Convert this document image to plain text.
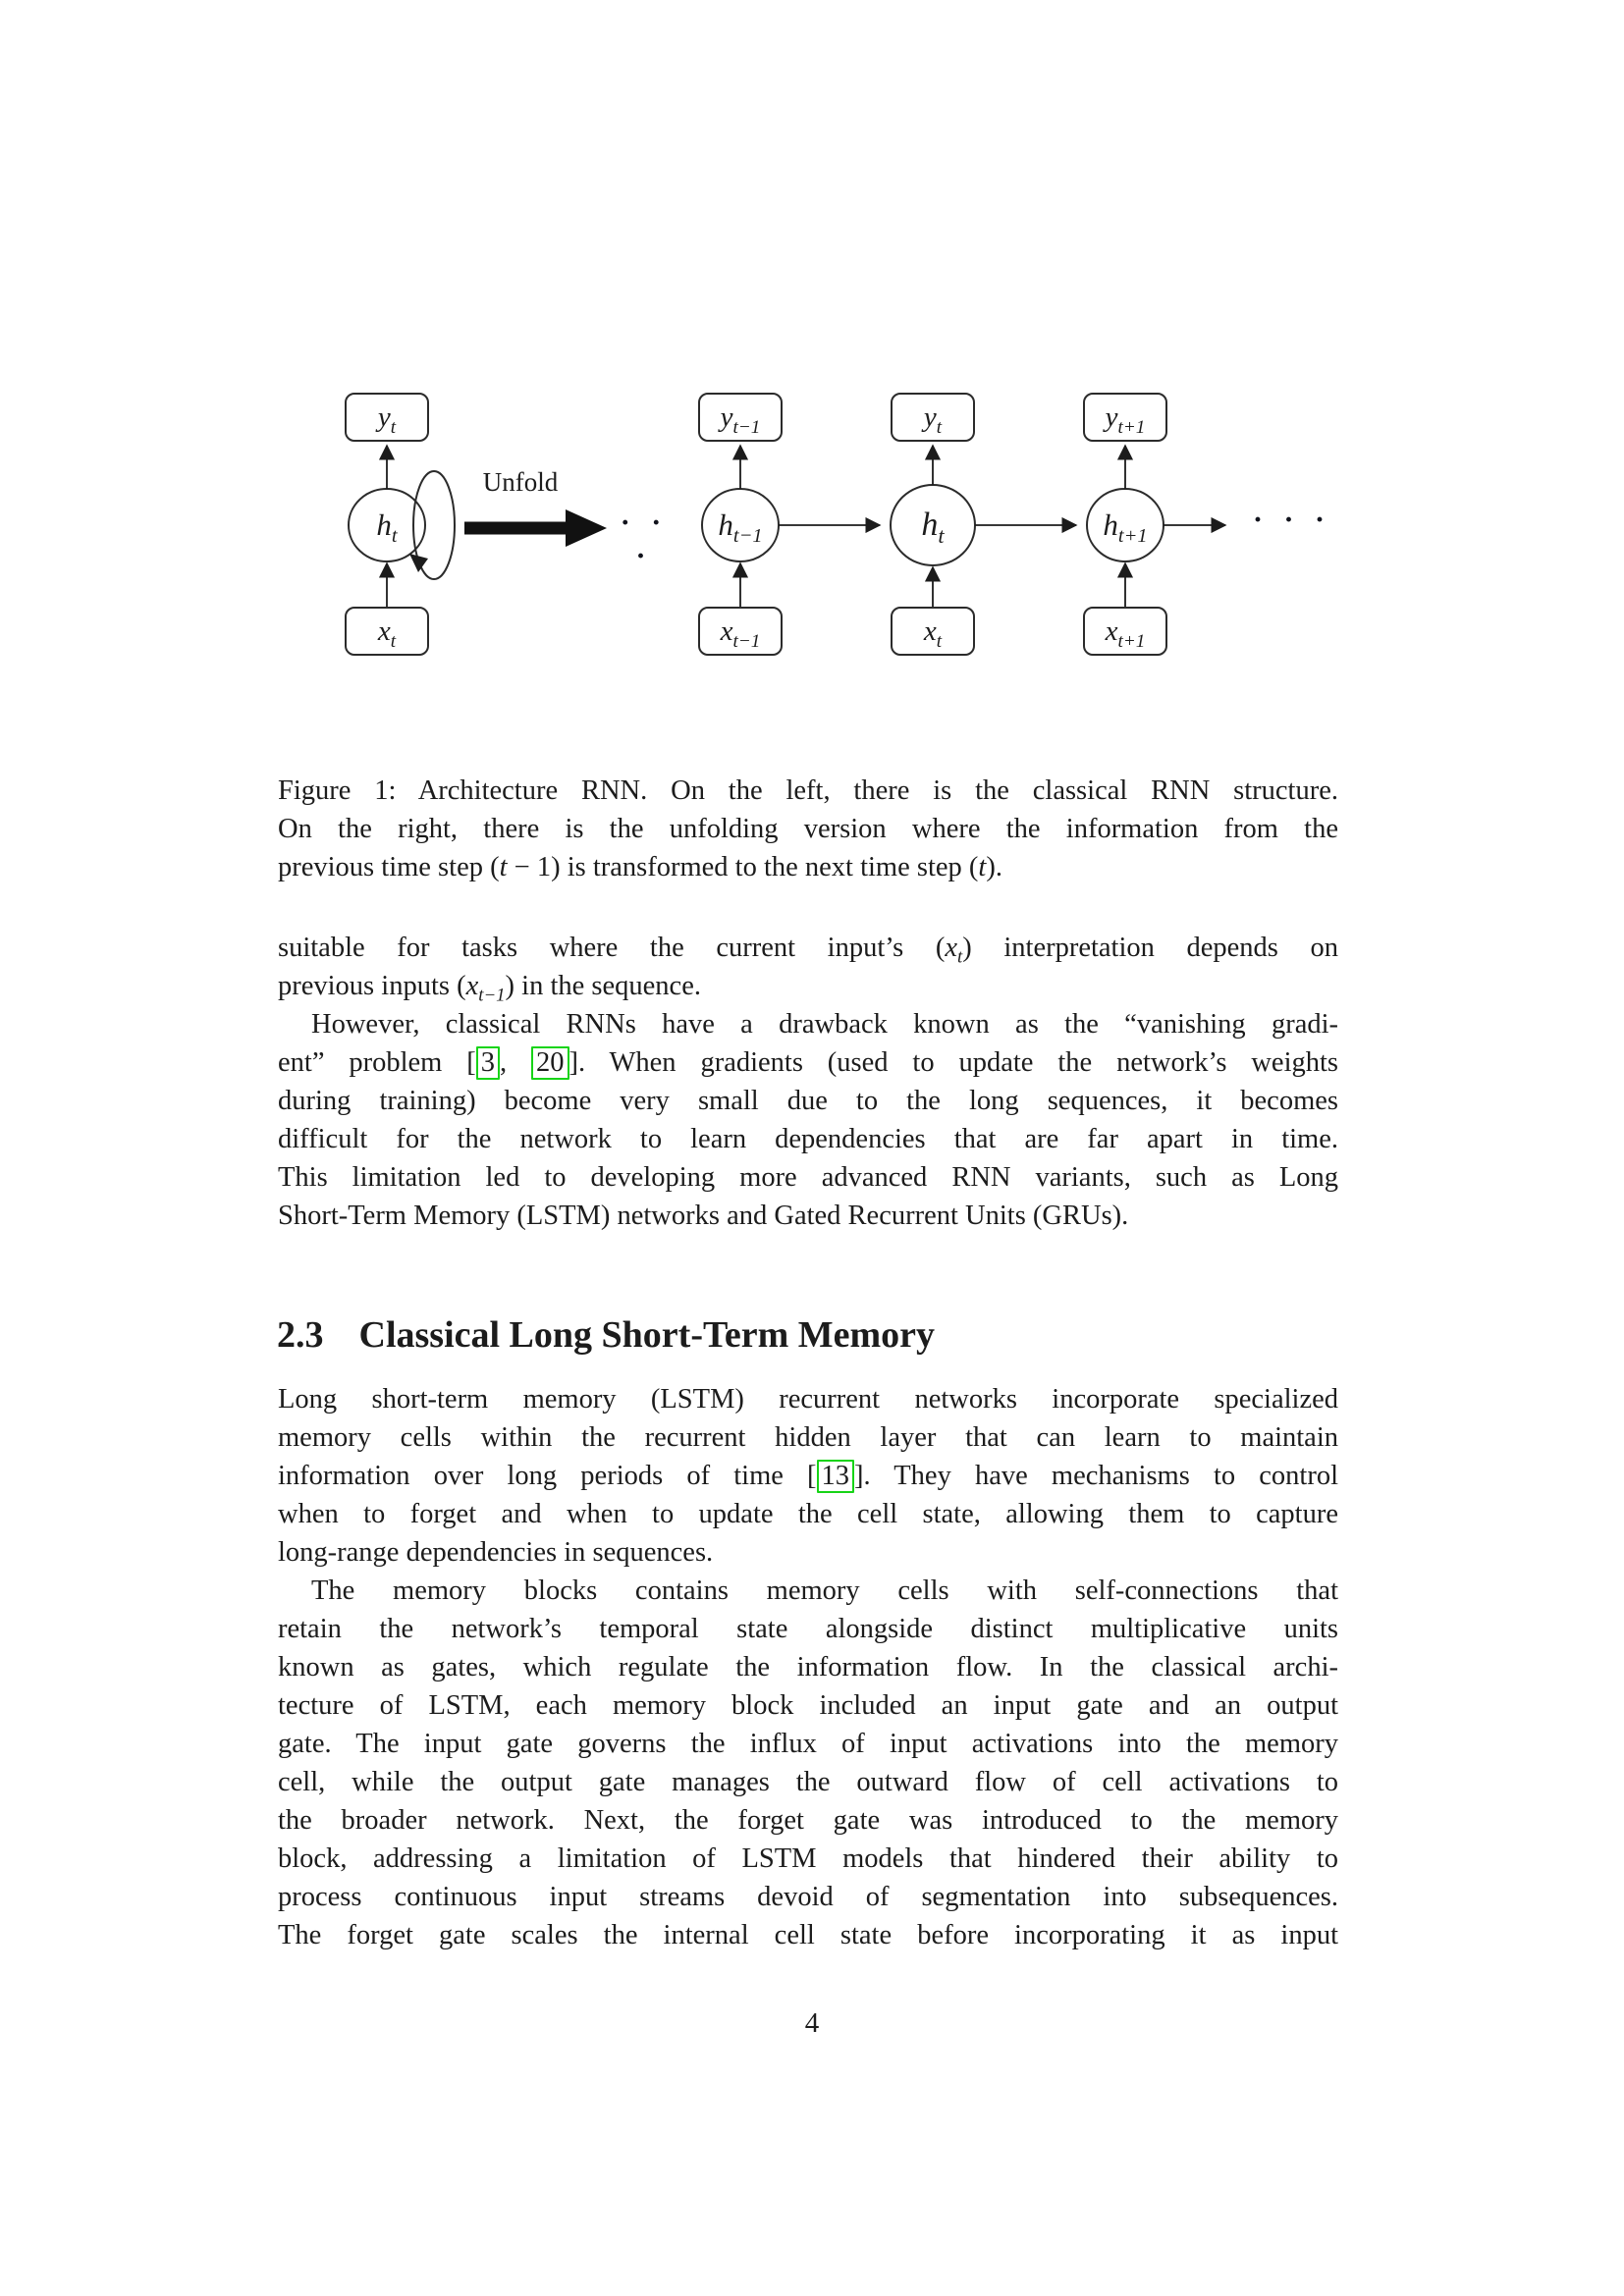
$y_t$
$h_t$
$x_t$
$y_{t-1}$
$h_{t-1}$
$x_{t-1}$
$y_t$
$h_t$
$x_t$
$y_{t+1}$
$h_{t+1}$
$x_{t+1}$
Unfold
· · ·
· · ·
Figure 1: Architecture RNN. On the left, there is the classical RNN structure.
On the right, there is the unfolding version where the information from the
previous time step (t − 1) is transformed to the next time step (t).
suitable for tasks where the current input’s $(x_t)$ interpretation depends on
previous inputs $(x_{t-1})$ in the sequence.
However, classical RNNs have a drawback known as the “vanishing gradi-
ent” problem [ 3 , 20 ]. When gradients (used to update the network’s weights
during training) become very small due to the long sequences, it becomes
difficult for the network to learn dependencies that are far apart in time.
This limitation led to developing more advanced RNN variants, such as Long
Short-Term Memory (LSTM) networks and Gated Recurrent Units (GRUs).
2.3 Classical Long Short-Term Memory
Long short-term memory (LSTM) recurrent networks incorporate specialized
memory cells within the recurrent hidden layer that can learn to maintain
information over long periods of time [ 13 ]. They have mechanisms to control
when to forget and when to update the cell state, allowing them to capture
long-range dependencies in sequences.
The memory blocks contains memory cells with self-connections that
retain the network’s temporal state alongside distinct multiplicative units
known as gates, which regulate the information flow. In the classical archi-
tecture of LSTM, each memory block included an input gate and an output
gate. The input gate governs the influx of input activations into the memory
cell, while the output gate manages the outward flow of cell activations to
the broader network. Next, the forget gate was introduced to the memory
block, addressing a limitation of LSTM models that hindered their ability to
process continuous input streams devoid of segmentation into subsequences.
The forget gate scales the internal cell state before incorporating it as input
4
